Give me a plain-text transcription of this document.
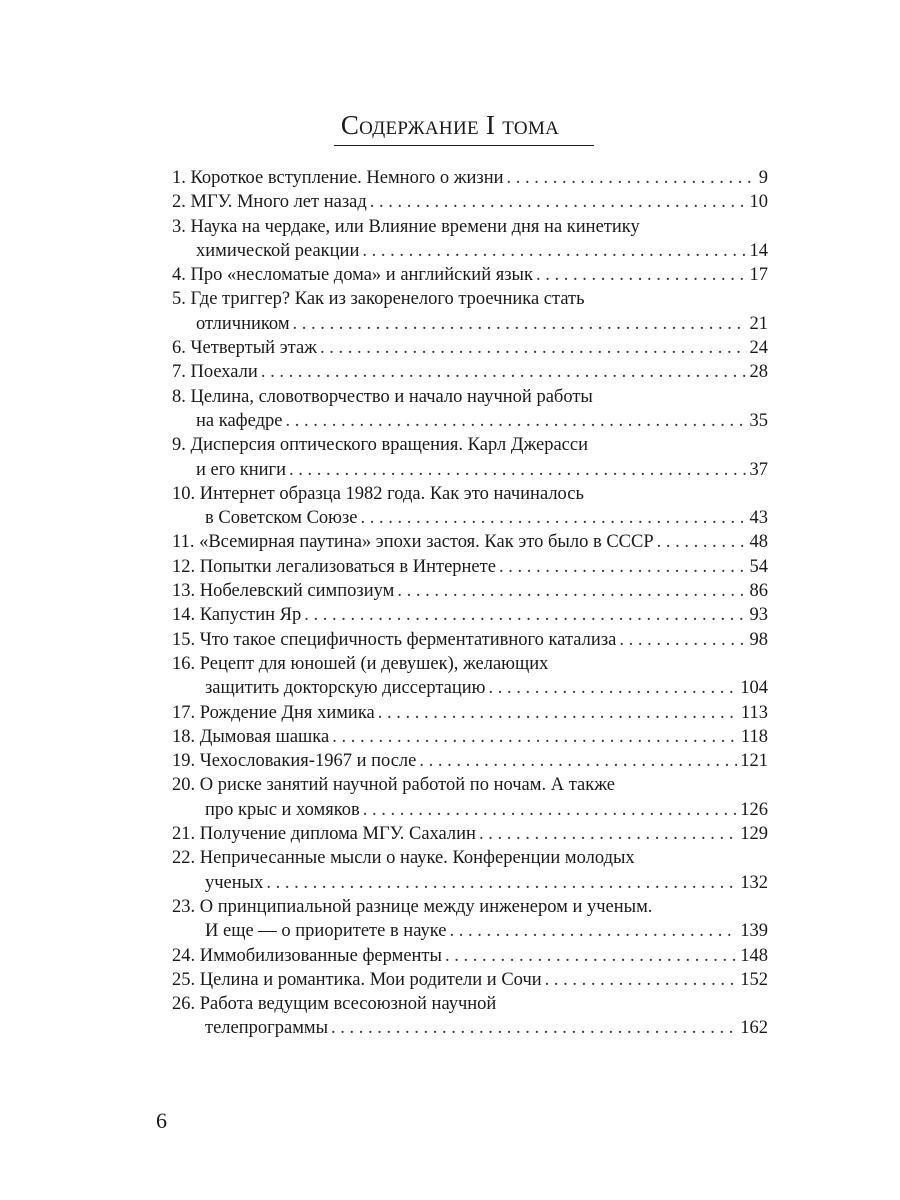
Содержание I тома
1. Короткое вступление. Немного о жизни . . .	9
2. МГУ. Много лет назад . . .	10
3. Наука на чердаке, или Влияние времени дня на кинетику
химической реакции . . .	14
4. Про «несломатые дома» и английский язык . . .	17
5. Где триггер? Как из закоренелого троечника стать
отличником . . .	21
6. Четвертый этаж . . .	24
7. Поехали . . .	28
8. Целина, словотворчество и начало научной работы
на кафедре . . .	35
9. Дисперсия оптического вращения. Карл Джерасси
и его книги . . .	37
10. Интернет образца 1982 года. Как это начиналось
в Советском Союзе . . .	43
11. «Всемирная паутина» эпохи застоя. Как это было в СССР . . .	48
12. Попытки легализоваться в Интернете . . .	54
13. Нобелевский симпозиум . . .	86
14. Капустин Яр . . .	93
15. Что такое специфичность ферментативного катализа . . .	98
16. Рецепт для юношей (и девушек), желающих
защитить докторскую диссертацию . . .	104
17. Рождение Дня химика . . .	113
18. Дымовая шашка . . .	118
19. Чехословакия-1967 и после . . .	121
20. О риске занятий научной работой по ночам. А также
про крыс и хомяков . . .	126
21. Получение диплома МГУ. Сахалин . . .	129
22. Непричесанные мысли о науке. Конференции молодых
ученых . . .	132
23. О принципиальной разнице между инженером и ученым.
И еще — о приоритете в науке . . .	139
24. Иммобилизованные ферменты . . .	148
25. Целина и романтика. Мои родители и Сочи . . .	152
26. Работа ведущим всесоюзной научной
телепрограммы . . .	162
6
